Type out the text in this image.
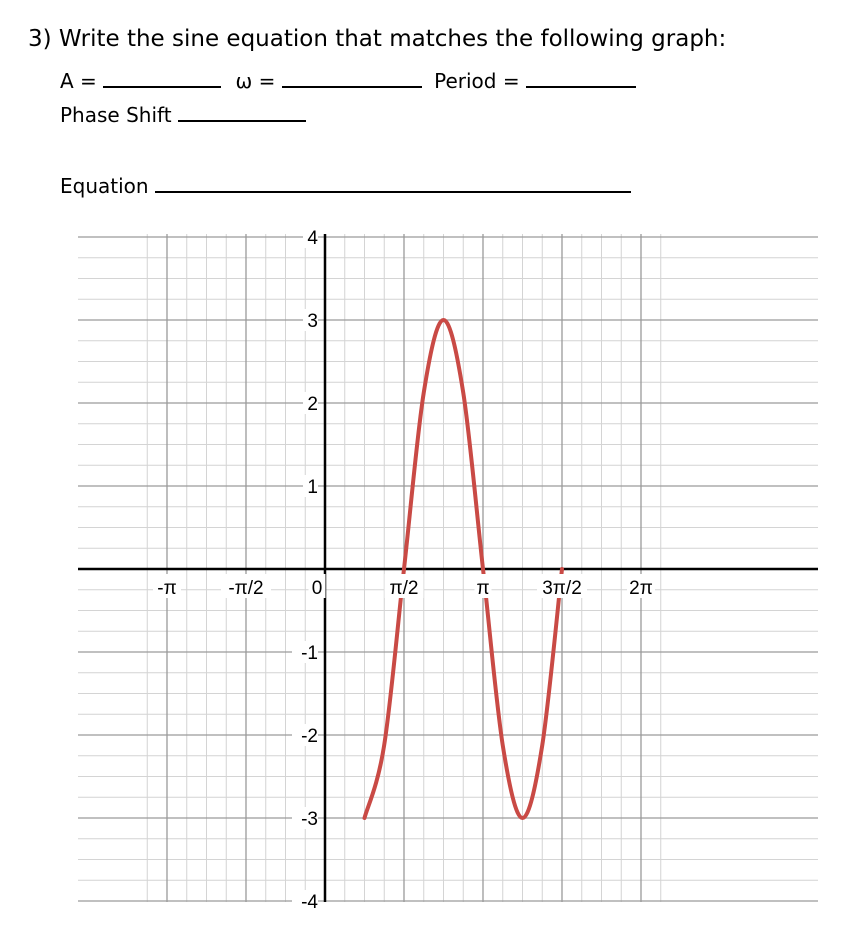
3) Write the sine equation that matches the following graph:
A =	ω =	Period =
Phase Shift
Equation
-π	-π/2	0	π/2	π	3π/2 2π
4
3
2
1
-1
-2
-3
-4
